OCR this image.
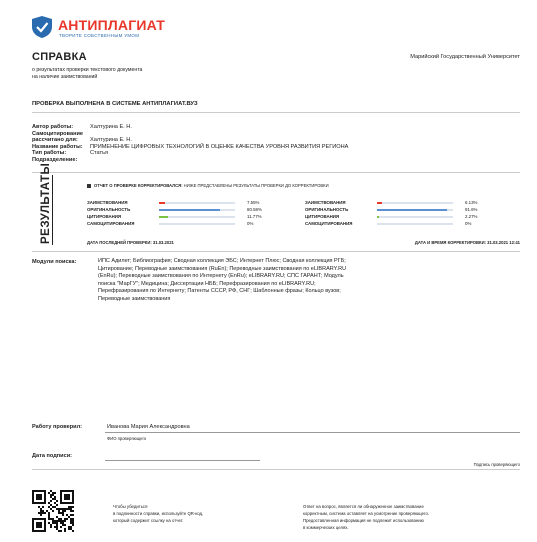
АНТИПЛАГИАТ
ТВОРИТЕ СОБСТВЕННЫМ УМОМ
СПРАВКА	Марийский Государственный Университет
о результатах проверки текстового документа
на наличие заимствований
ПРОВЕРКА ВЫПОЛНЕНА В СИСТЕМЕ АНТИПЛАГИАТ.ВУЗ
Автор работы:	Халтурина Е. Н.
Самоцитирование
рассчитано для: Халтурина Е. Н.
Название работы: ПРИМЕНЕНИЕ ЦИФРОВЫХ ТЕХНОЛОГИЙ В ОЦЕНКЕ КАЧЕСТВА УРОВНЯ РАЗВИТИЯ РЕГИОНА
Тип работы:	Статья
Подразделение:
РЕЗУЛЬТАТЫ	ОТЧЕТ О ПРОВЕРКЕ КОРРЕКТИРОВАЛСЯ: НИЖЕ ПРЕДСТАВЛЕНЫ РЕЗУЛЬТАТЫ ПРОВЕРКИ ДО КОРРЕКТИРОВКИ
ЗАИМСТВОВАНИЯ	7.55%
ОРИГИНАЛЬНОСТЬ	80.58%
ЦИТИРОВАНИЯ	11.77%
САМОЦИТИРОВАНИЯ	0%
ЗАИМСТВОВАНИЯ	6.13%
ОРИГИНАЛЬНОСТЬ	91.6%
ЦИТИРОВАНИЯ	2.27%
САМОЦИТИРОВАНИЯ	0%
ДАТА ПОСЛЕДНЕЙ ПРОВЕРКИ: 31.03.2021	ДАТА И ВРЕМЯ КОРРЕКТИРОВКИ: 31.03.2021 12:41
Модули поиска:	ИПС Адилет; Библиография; Сводная коллекция ЭБС; Интернет Плюс; Сводная коллекция РГБ;
Цитирование; Переводные заимствования (RuEn); Переводные заимствования по eLIBRARY.RU
(EnRu); Переводные заимствования по Интернету (EnRu); eLIBRARY.RU; СПС ГАРАНТ; Модуль
поиска "МарГУ"; Медицина; Диссертации НББ; Перефразирования по eLIBRARY.RU;
Перефразирования по Интернету; Патенты СССР, РФ, СНГ; Шаблонные фразы; Кольцо вузов;
Переводные заимствования
Работу проверил:	Иванова Мария Александровна
ФИО проверяющего
Дата подписи:
Подпись проверяющего
Чтобы убедиться
в подлинности справки, используйте QR-код,
который содержит ссылку на отчет.
Ответ на вопрос, является ли обнаруженное заимствование
корректным, система оставляет на усмотрение проверяющего.
Предоставленная информация не подлежит использованию
в коммерческих целях.
